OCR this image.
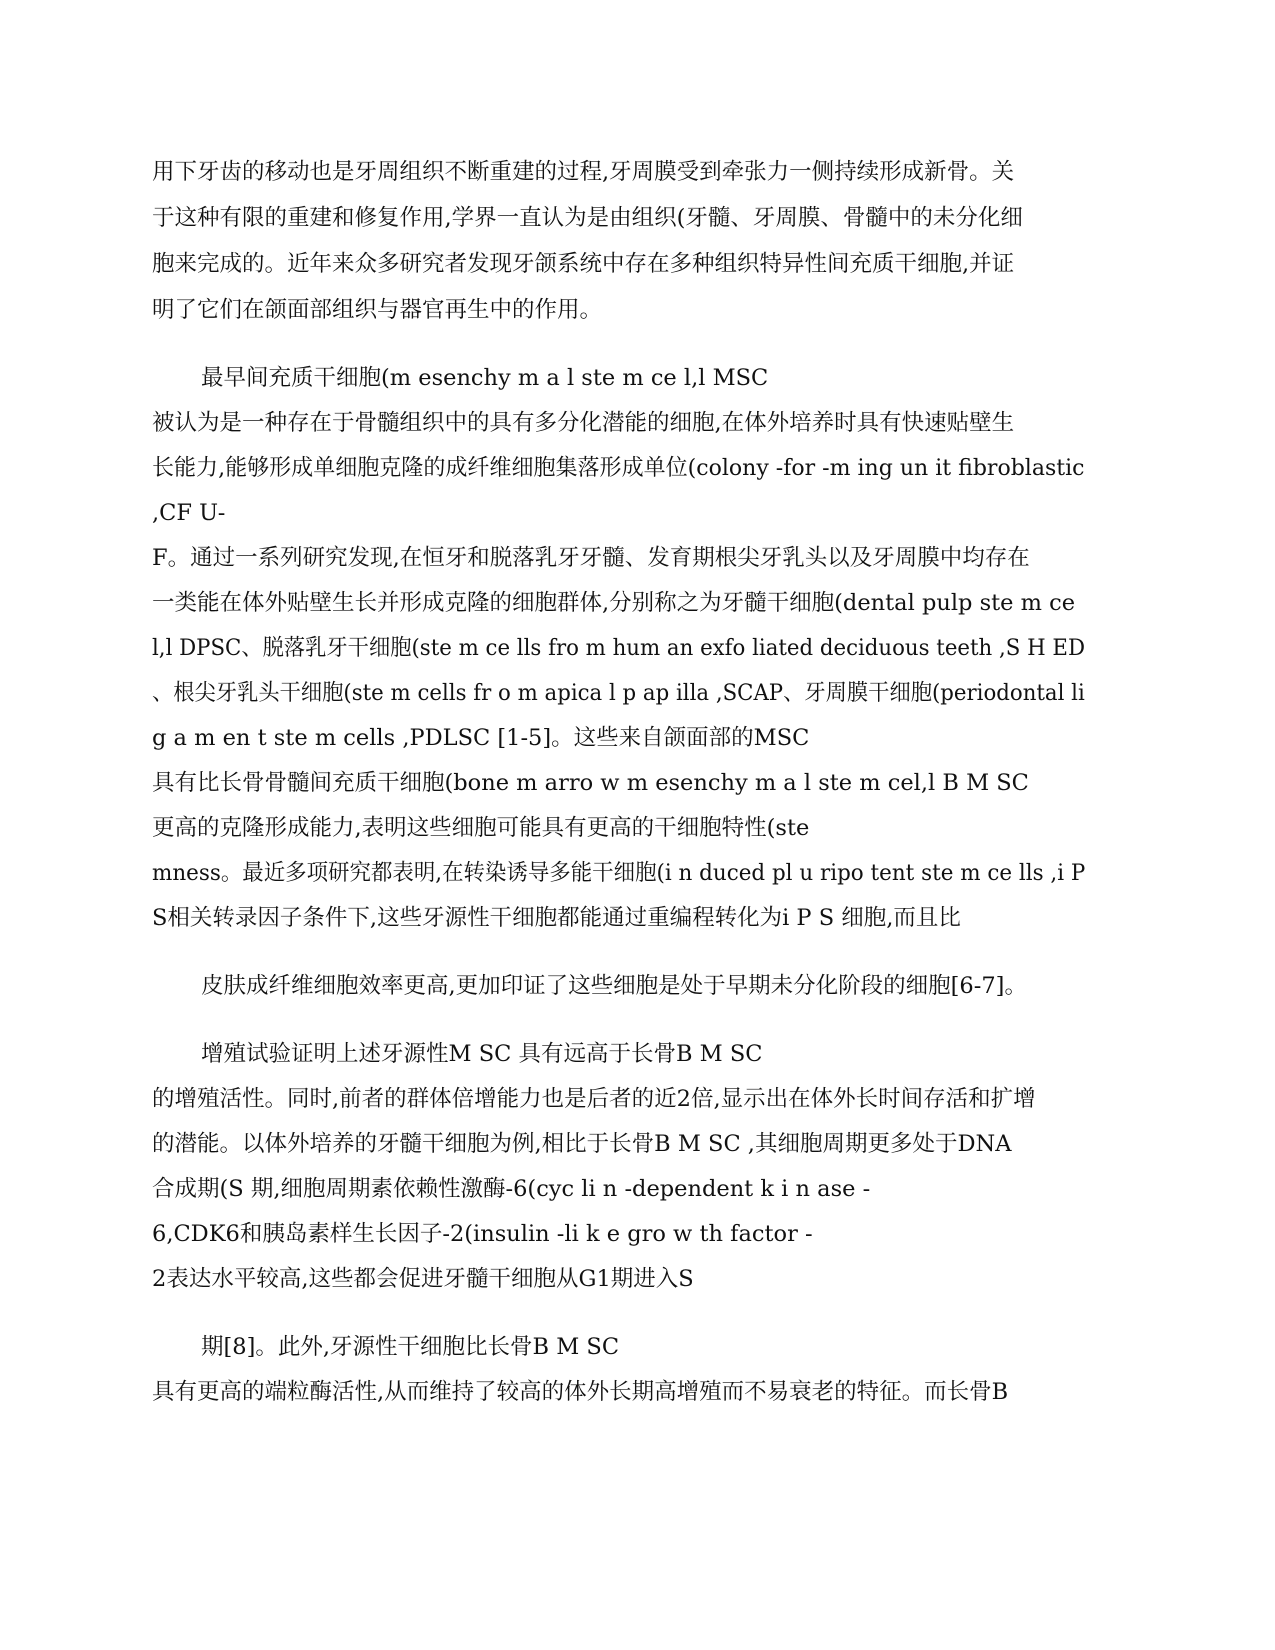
用下牙齿的移动也是牙周组织不断重建的过程,牙周膜受到牵张力一侧持续形成新骨。关
于这种有限的重建和修复作用,学界一直认为是由组织(牙髓、牙周膜、骨髓中的未分化细
胞来完成的。近年来众多研究者发现牙颌系统中存在多种组织特异性间充质干细胞,并证
明了它们在颌面部组织与器官再生中的作用。
最早间充质干细胞(m esenchy m a l ste m ce l,l MSC
被认为是一种存在于骨髓组织中的具有多分化潜能的细胞,在体外培养时具有快速贴壁生
长能力,能够形成单细胞克隆的成纤维细胞集落形成单位(colony -for -m ing un it fibroblastic
,CF U-
F。通过一系列研究发现,在恒牙和脱落乳牙牙髓、发育期根尖牙乳头以及牙周膜中均存在
一类能在体外贴壁生长并形成克隆的细胞群体,分别称之为牙髓干细胞(dental pulp ste m ce
l,l DPSC、脱落乳牙干细胞(ste m ce lls fro m hum an exfo liated deciduous teeth ,S H ED
、根尖牙乳头干细胞(ste m cells fr o m apica l p ap illa ,SCAP、牙周膜干细胞(periodontal li
g a m en t ste m cells ,PDLSC [1-5]。这些来自颌面部的MSC
具有比长骨骨髓间充质干细胞(bone m arro w m esenchy m a l ste m cel,l B M SC
更高的克隆形成能力,表明这些细胞可能具有更高的干细胞特性(ste
mness。最近多项研究都表明,在转染诱导多能干细胞(i n duced pl u ripo tent ste m ce lls ,i P
S相关转录因子条件下,这些牙源性干细胞都能通过重编程转化为i P S 细胞,而且比
皮肤成纤维细胞效率更高,更加印证了这些细胞是处于早期未分化阶段的细胞[6-7]。
增殖试验证明上述牙源性M SC 具有远高于长骨B M SC
的增殖活性。同时,前者的群体倍增能力也是后者的近2倍,显示出在体外长时间存活和扩增
的潜能。以体外培养的牙髓干细胞为例,相比于长骨B M SC ,其细胞周期更多处于DNA
合成期(S 期,细胞周期素依赖性激酶-6(cyc li n -dependent k i n ase -
6,CDK6和胰岛素样生长因子-2(insulin -li k e gro w th factor -
2表达水平较高,这些都会促进牙髓干细胞从G1期进入S
期[8]。此外,牙源性干细胞比长骨B M SC
具有更高的端粒酶活性,从而维持了较高的体外长期高增殖而不易衰老的特征。而长骨B
